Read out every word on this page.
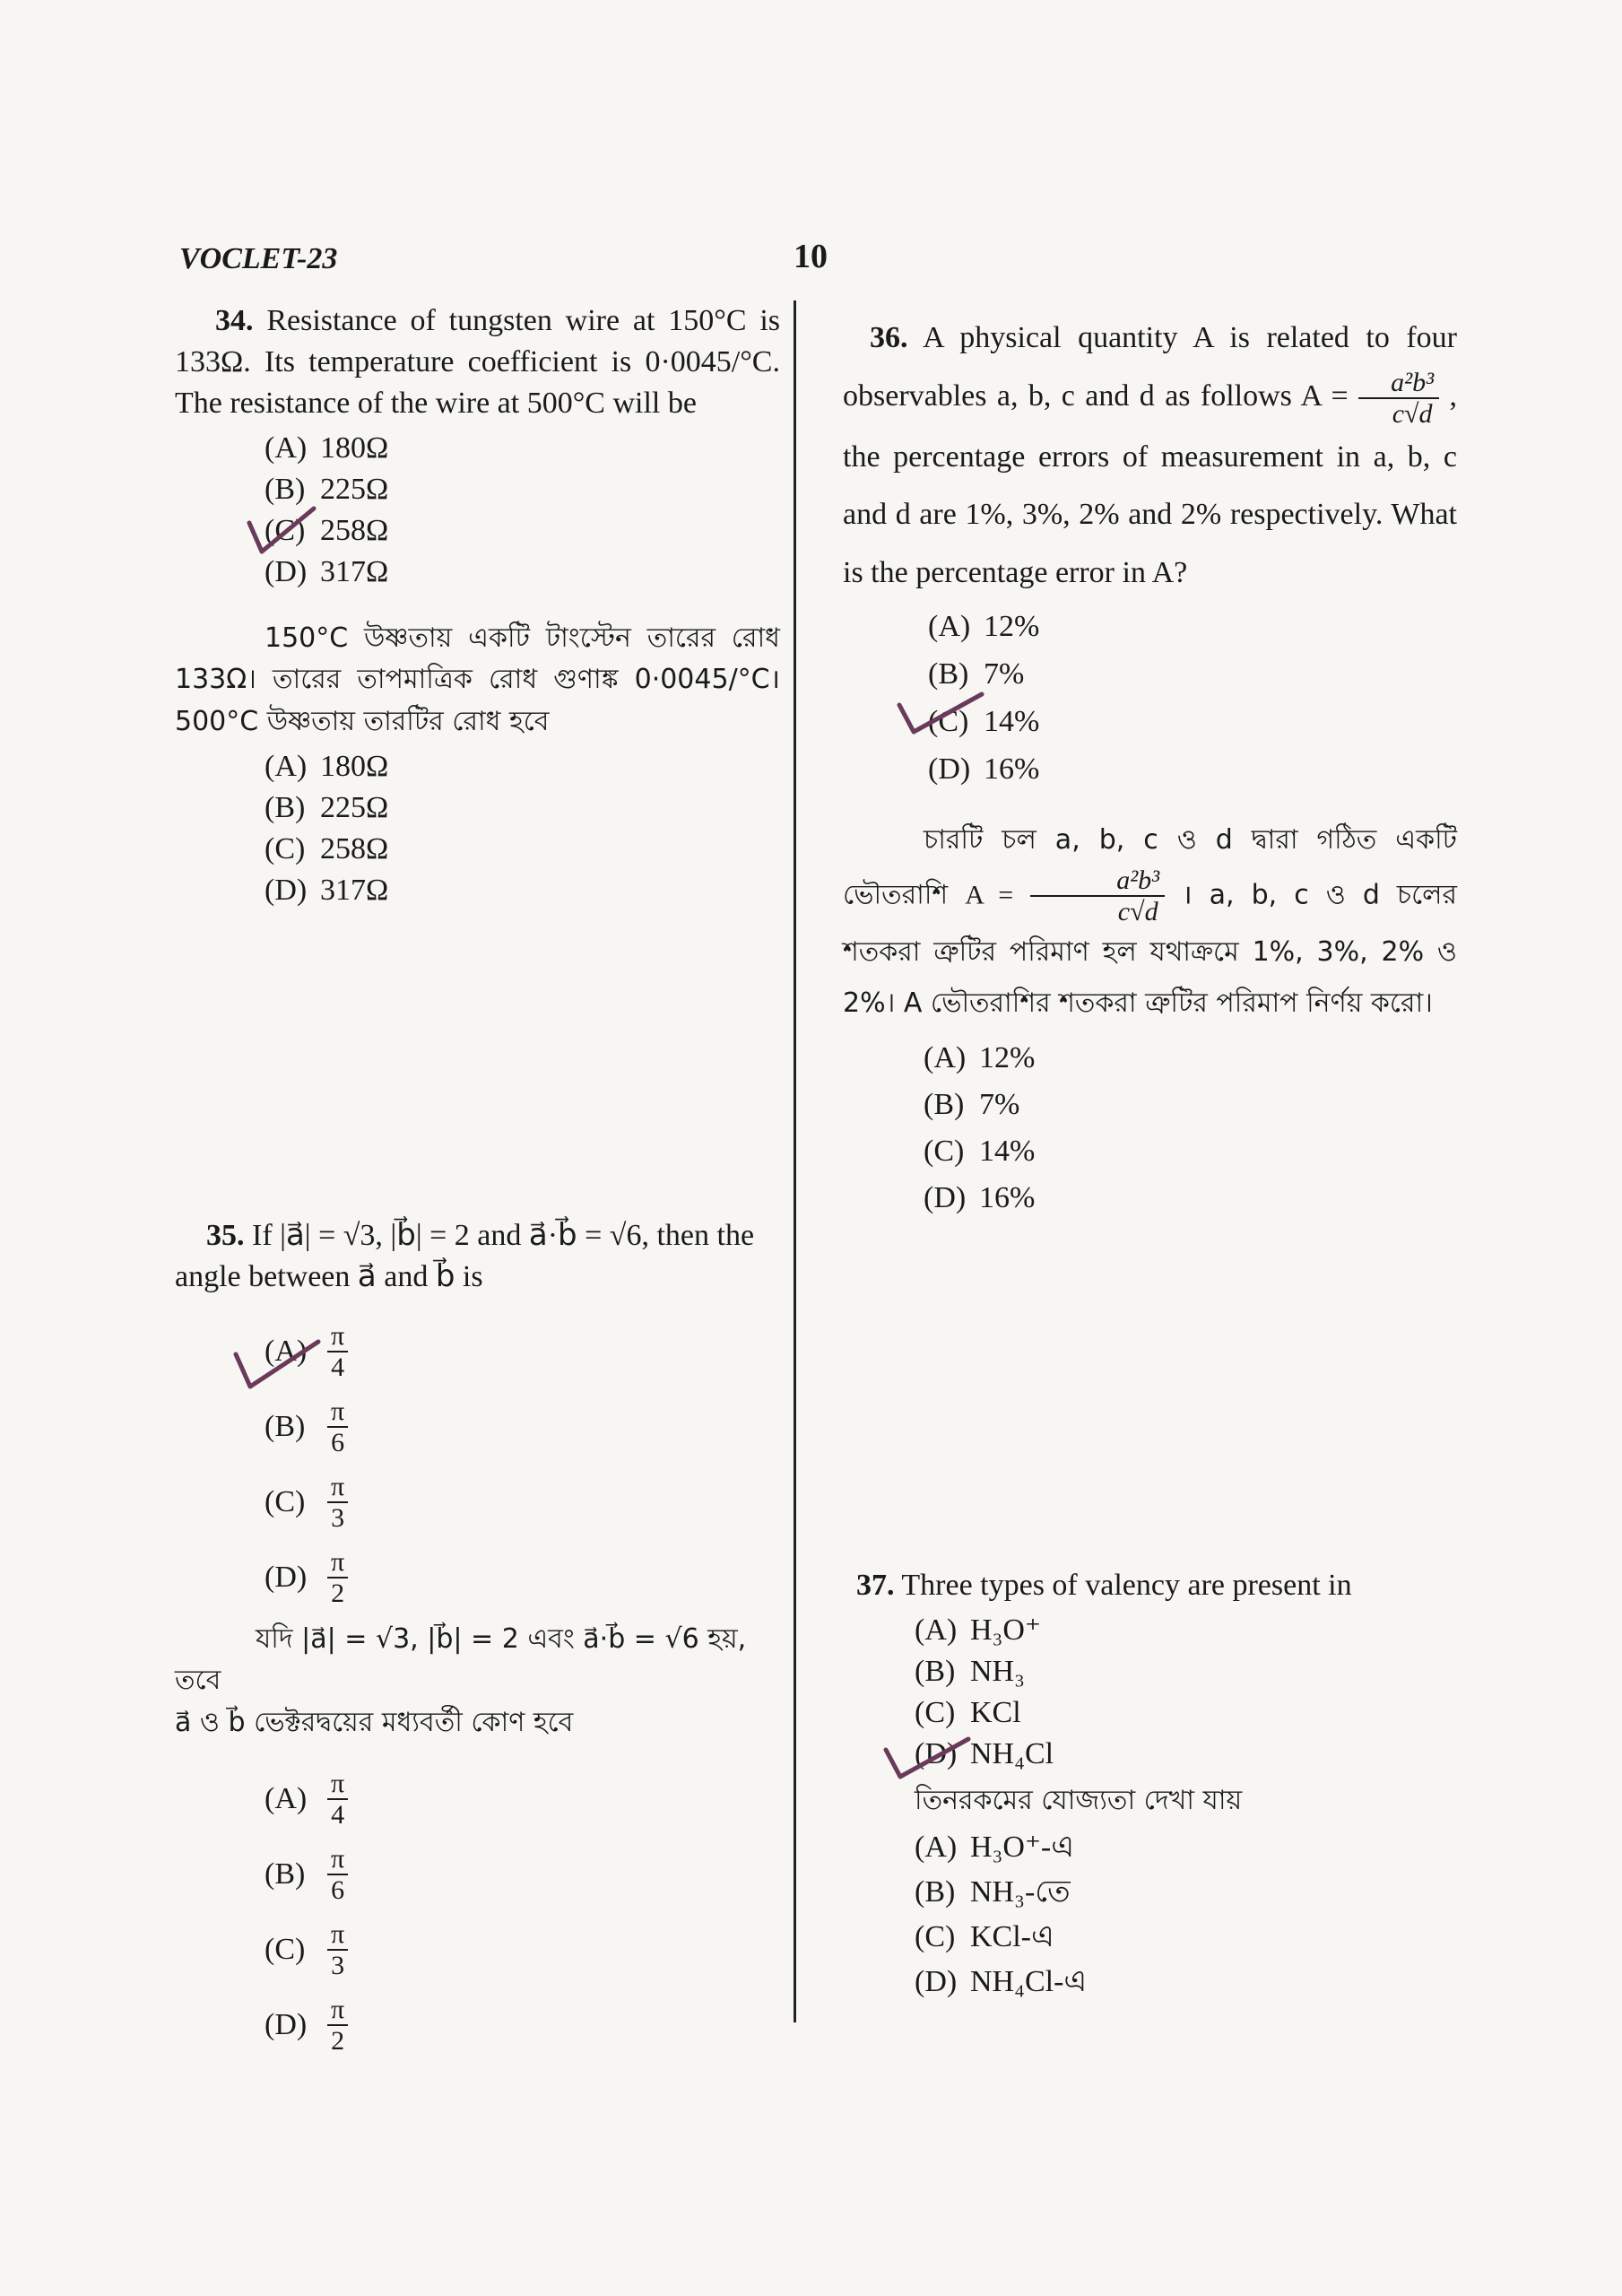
VOCLET-23	10

34. Resistance of tungsten wire at 150°C is 133Ω. Its temperature coefficient is 0·0045/°C. The resistance of the wire at 500°C will be

(A) 180Ω
(B) 225Ω
(C) 258Ω
(D) 317Ω

150°C উষ্ণতায় একটি টাংস্টেন তারের রোধ 133Ω। তারের তাপমাত্রিক রোধ গুণাঙ্ক 0·0045/°C। 500°C উষ্ণতায় তারটির রোধ হবে

(A) 180Ω
(B) 225Ω
(C) 258Ω
(D) 317Ω

35. If |a⃗| = √3, |b⃗| = 2 and a⃗·b⃗ = √6, then the

angle between a⃗ and b⃗ is

$(A) \frac{\pi}{4}$
$(B) \frac{\pi}{6}$
$(C) \frac{\pi}{3}$
$(D) \frac{\pi}{2}$

যদি |a⃗| = √3, |b⃗| = 2 এবং a⃗·b⃗ = √6 হয়, তবে

a⃗ ও b⃗ ভেক্টরদ্বয়ের মধ্যবর্তী কোণ হবে

$(A) \frac{\pi}{4}$
$(B) \frac{\pi}{6}$
$(C) \frac{\pi}{3}$
$(D) \frac{\pi}{2}$

36. A physical quantity A is related to four observables a, b, c and d as follows $A = \frac{\text{a²b³}}{c√d}$ , the percentage errors of measurement in a, b, c and d are 1%, 3%, 2% and 2% respectively. What is the percentage error in A?

(A) 12%
(B) 7%
(C) 14%
(D) 16%

চারটি চল a, b, c ও d দ্বারা গঠিত একটি ভৌতরাশি $A = \frac{\text{a²b³}}{c√d}$ । a, b, c ও d চলের শতকরা ত্রুটির পরিমাণ হল যথাক্রমে 1%, 3%, 2% ও 2%। A ভৌতরাশির শতকরা ত্রুটির পরিমাপ নির্ণয় করো।

(A) 12%
(B) 7%
(C) 14%
(D) 16%

37. Three types of valency are present in

(A) H₃O⁺
(B) NH₃
(C) KCl
(D) NH₄Cl

তিনরকমের যোজ্যতা দেখা যায়

(A) H₃O⁺-এ
(B) NH₃-তে
(C) KCl-এ
(D) NH₄Cl-এ
